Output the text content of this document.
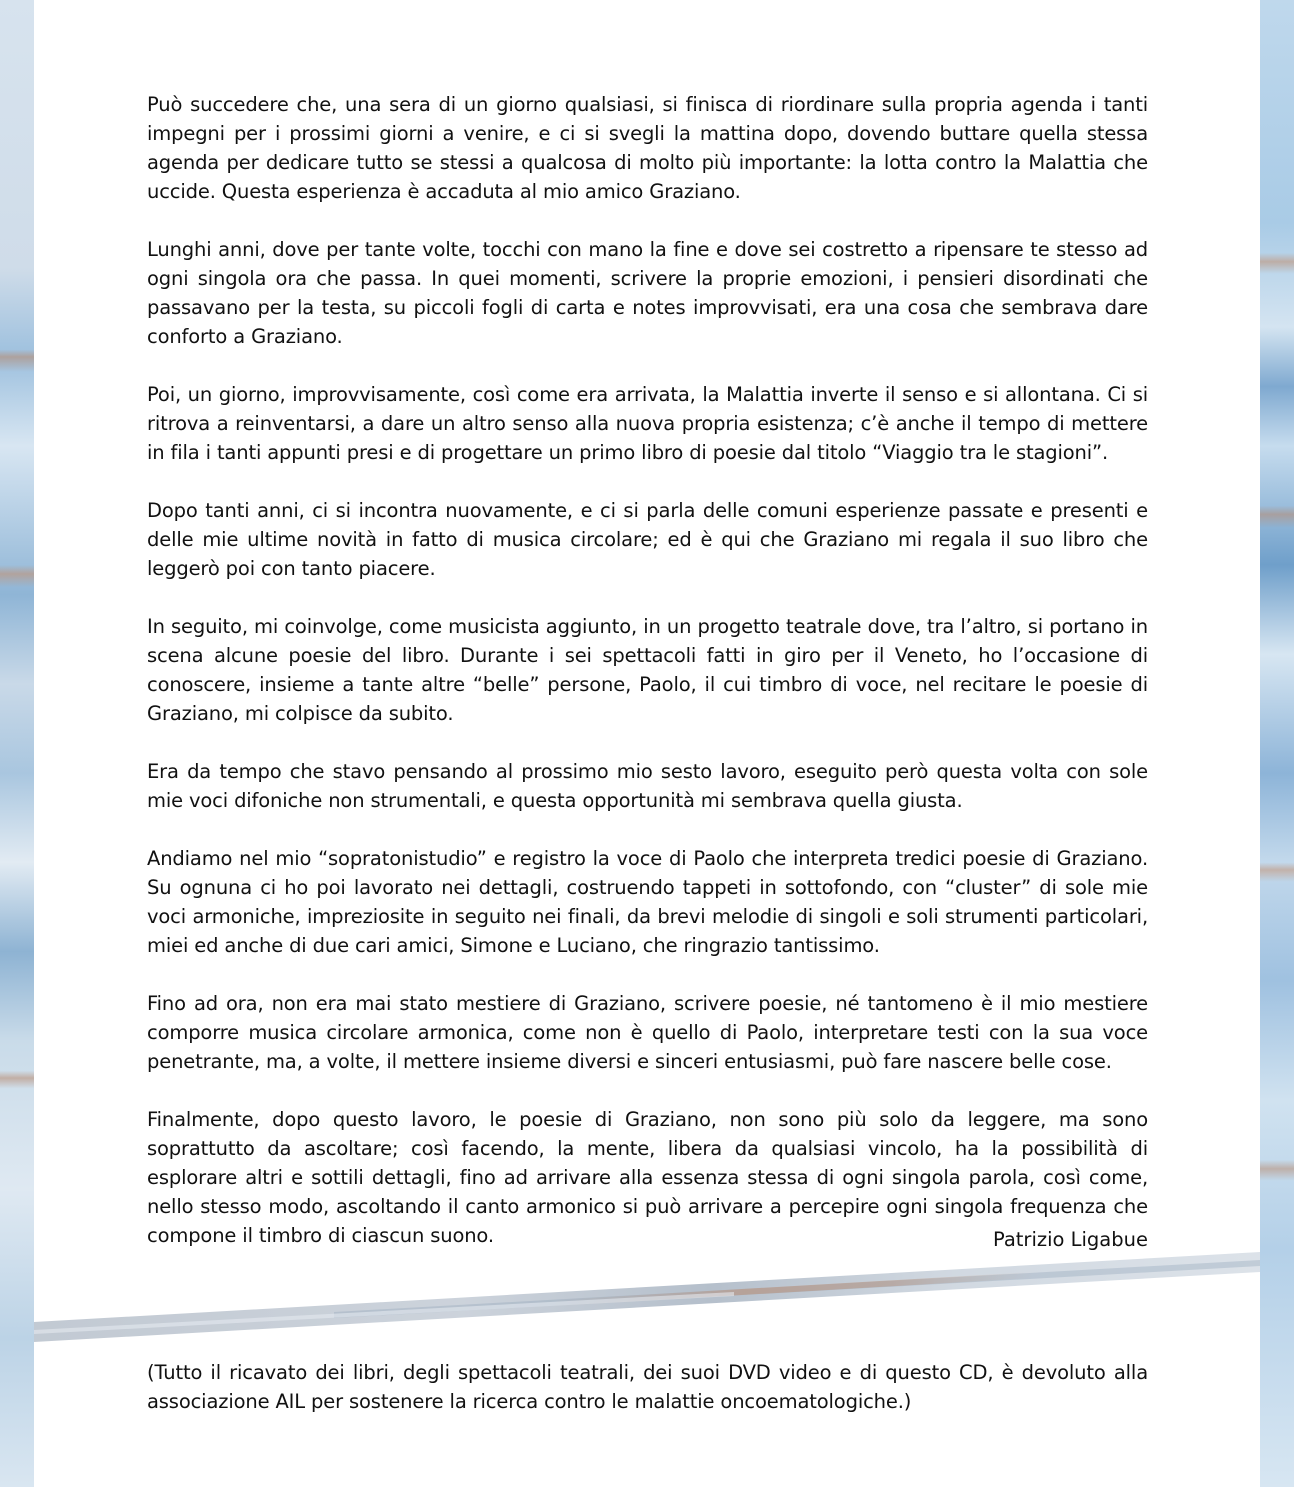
Può succedere che, una sera di un giorno qualsiasi, si finisca di riordinare sulla propria agenda i tanti impegni per i prossimi giorni a venire, e ci si svegli la mattina dopo, dovendo buttare quella stessa agenda per dedicare tutto se stessi a qualcosa di molto più importante: la lotta contro la Malattia che uccide. Questa esperienza è accaduta al mio amico Graziano.

Lunghi anni, dove per tante volte, tocchi con mano la fine e dove sei costretto a ripensare te stesso ad ogni singola ora che passa. In quei momenti, scrivere la proprie emozioni, i pensieri disordinati che passavano per la testa, su piccoli fogli di carta e notes improvvisati, era una cosa che sembrava dare conforto a Graziano.

Poi, un giorno, improvvisamente, così come era arrivata, la Malattia inverte il senso e si allontana. Ci si ritrova a reinventarsi, a dare un altro senso alla nuova propria esistenza; c’è anche il tempo di mettere in fila i tanti appunti presi e di progettare un primo libro di poesie dal titolo “Viaggio tra le stagioni”.

Dopo tanti anni, ci si incontra nuovamente, e ci si parla delle comuni esperienze passate e presenti e delle mie ultime novità in fatto di musica circolare; ed è qui che Graziano mi regala il suo libro che leggerò poi con tanto piacere.

In seguito, mi coinvolge, come musicista aggiunto, in un progetto teatrale dove, tra l’altro, si portano in scena alcune poesie del libro. Durante i sei spettacoli fatti in giro per il Veneto, ho l’occasione di conoscere, insieme a tante altre “belle” persone, Paolo, il cui timbro di voce, nel recitare le poesie di Graziano, mi colpisce da subito.

Era da tempo che stavo pensando al prossimo mio sesto lavoro, eseguito però questa volta con sole mie voci difoniche non strumentali, e questa opportunità mi sembrava quella giusta.

Andiamo nel mio “sopratonistudio” e registro la voce di Paolo che interpreta tredici poesie di Graziano. Su ognuna ci ho poi lavorato nei dettagli, costruendo tappeti in sottofondo, con “cluster” di sole mie voci armoniche, impreziosite in seguito nei finali, da brevi melodie di singoli e soli strumenti particolari, miei ed anche di due cari amici, Simone e Luciano, che ringrazio tantissimo.

Fino ad ora, non era mai stato mestiere di Graziano, scrivere poesie, né tantomeno è il mio mestiere comporre musica circolare armonica, come non è quello di Paolo, interpretare testi con la sua voce penetrante, ma, a volte, il mettere insieme diversi e sinceri entusiasmi, può fare nascere belle cose.

Finalmente, dopo questo lavoro, le poesie di Graziano, non sono più solo da leggere, ma sono soprattutto da ascoltare; così facendo, la mente, libera da qualsiasi vincolo, ha la possibilità di esplorare altri e sottili dettagli, fino ad arrivare alla essenza stessa di ogni singola parola, così come, nello stesso modo, ascoltando il canto armonico si può arrivare a percepire ogni singola frequenza che compone il timbro di ciascun suono.	Patrizio Ligabue

(Tutto il ricavato dei libri, degli spettacoli teatrali, dei suoi DVD video e di questo CD, è devoluto alla associazione AIL per sostenere la ricerca contro le malattie oncoematologiche.)
